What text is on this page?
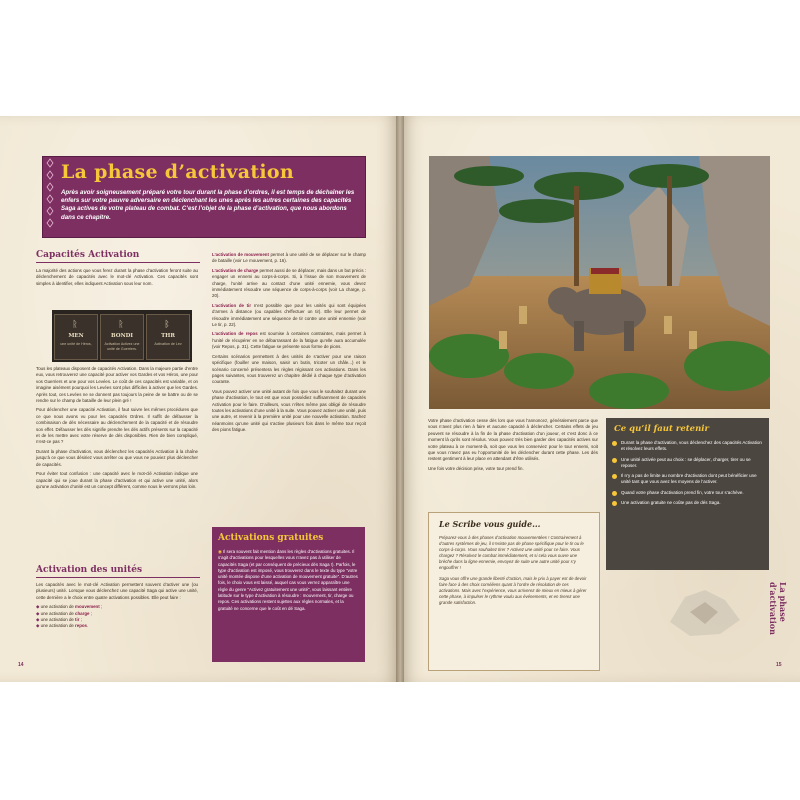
La phase d’activation
Après avoir soigneusement préparé votre tour durant la phase d’ordres, il est temps de déchaîner les enfers sur votre pauvre adversaire en déclenchant les unes après les autres certaines des capacités Saga actives de votre plateau de combat. C’est l’objet de la phase d’activation, que nous abordons dans ce chapitre.
Capacités Activation
La majorité des actions que vous ferez durant la phase d’activation feront suite au déclenchement de capacités avec le mot-clé Activation. Ces capacités sont simples à identifier, elles indiquent Activation sous leur nom.
ᚱ
MEN
une unité de Héros,
ᚱ
BONDI
Activation Activez une unité de Guerriers.
ᛒ
THR
Activation de Lev

Tous les plateaux disposent de capacités Activation. Dans la majeure partie d’entre eux, vous retrouverez une capacité pour activer vos Gardes et vos Héros, une pour vos Guerriers et une pour vos Levées. Le coût de ces capacités est variable, et on imagine aisément pourquoi les Levées sont plus difficiles à activer que les Gardes. Après tout, ces Levées ne se donnent pas toujours la peine de se battre ou de se rendre sur le champ de bataille de leur plein gré !

Pour déclencher une capacité Activation, il faut suivre les mêmes procédures que ce que nous avons vu pour les capacités Ordres. Il suffit de défausser la combinaison de dés nécessaire au déclenchement de la capacité et de résoudre son effet. Défausser les dés signifie prendre les dés actifs présents sur la capacité et de les mettre avec votre réserve de dés disponibles. Rien de bien compliqué, n’est-ce pas ?

Durant la phase d’activation, vous déclenchez les capacités Activation à la chaîne jusqu’à ce que vous désiriez vous arrêter ou que vous ne pouviez plus déclencher de capacités.

Pour éviter tout confusion : une capacité avec le mot-clé Activation indique une capacité qui se joue durant la phase d’activation et qui active une unité, alors qu’une activation d’unité est un concept différent, comme nous le verrons plus loin.

Activation des unités

Les capacités avec le mot-clé Activation permettent souvent d’activer une (ou plusieurs) unité. Lorsque vous déclenchez une capacité Saga qui active une unité, cette dernière a le choix entre quatre activations possibles. Elle peut faire :

◆ une activation de mouvement ;
◆ une activation de charge ;
◆ une activation de tir ;
◆ une activation de repos.

L’activation de mouvement permet à une unité de se déplacer sur le champ de bataille (voir Le mouvement, p. 16).

L’activation de charge permet aussi de se déplacer, mais dans un but précis : engager un ennemi au corps-à-corps. Si, à l’issue de son mouvement de charge, l’unité arrive au contact d’une unité ennemie, vous devez immédiatement résoudre une séquence de corps-à-corps (voir La charge, p. 20).

L’activation de tir n’est possible que pour les unités qui sont équipées d’armes à distance (ou capables d’effectuer un tir). Elle leur permet de résoudre immédiatement une séquence de tir contre une unité ennemie (voir Le tir, p. 22).

L’activation de repos est soumise à certaines contraintes, mais permet à l’unité de récupérer en se débarrassant de la fatigue qu’elle aura accumulée (voir Repos, p. 31). Cette fatigue se présente sous forme de pions.

Certains scénarios permettent à des unités de s’activer pour une raison spécifique (fouiller une maison, saisir un butin, tricoter un châle...) et le scénario concerné présentera les règles régissant ces activations. Dans les pages suivantes, vous trouverez un chapitre dédié à chaque type d’activation courante.

Vous pouvez activer une unité autant de fois que vous le souhaitez durant une phase d’activation, le tout est que vous possédiez suffisamment de capacités Activation pour le faire. D’ailleurs, vous n’êtes même pas obligé de résoudre toutes les activations d’une unité à la suite. Vous pouvez activer une unité, puis une autre, et revenir à la première unité pour une nouvelle activation. Sachez néanmoins qu’une unité qui s’active plusieurs fois dans le même tour reçoit des pions fatigue.

Activations gratuites
◉ Il sera souvent fait mention dans les règles d’activations gratuites. Il s’agit d’activations pour lesquelles vous n’avez pas à utiliser de capacités Saga (et par conséquent de précieux dés Saga !). Parfois, le type d’activation est imposé, vous trouverez dans le texte du type “votre unité montée dispose d’une activation de mouvement gratuite”. D’autres fois, le choix vous est laissé, auquel cas vous verrez apparaître une règle du genre “Activez gratuitement une unité”, vous laissant entière latitude sur le type d’activation à résoudre : mouvement, tir, charge ou repos. Ces activations restent sujettes aux règles normales, et la gratuité ne concerne que le coût en dé Saga.
14

Votre phase d’activation cesse dès lors que vous l’annoncez, généralement parce que vous n’avez plus rien à faire et aucune capacité à déclencher. Certains effets de jeu peuvent se résoudre à la fin de la phase d’activation d’un joueur, et c’est donc à ce moment là qu’ils sont résolus. Vous pouvez très bien garder des capacités actives sur votre plateau à ce moment-là, soit que vous les conserviez pour le tour ennemi, soit que vous n’avez pas eu l’opportunité de les déclencher durant cette phase. Les dés restent gentiment à leur place en attendant d’être utilisés.

Une fois votre décision prise, votre tour prend fin.

Le Scribe vous guide...

Préparez-vous à des phases d’activation mouvementées ! Contrairement à d’autres systèmes de jeu, il n’existe pas de phase spécifique pour le tir ou le corps-à-corps. Vous souhaitez tirer ? Activez une unité pour ce faire. Vous chargez ? Résolvez le combat immédiatement, et si cela vous ouvre une brèche dans la ligne ennemie, envoyez de suite une autre unité pour s’y engouffrer !

Saga vous offre une grande liberté d’action, mais le prix à payer est de devoir faire face à des choix cornéliens quant à l’ordre de résolution de ces activations. Mais avec l’expérience, vous arriverez de mieux en mieux à gérer cette phase, à impulser le rythme voulu aux événements, et en tirerez une grande satisfaction.

Ce qu’il faut retenir
Durant la phase d’activation, vous déclenchez des capacités Activation et résolvez leurs effets.
Une unité activée peut au choix : se déplacer, charger, tirer ou se reposer.
Il n’y a pas de limite au nombre d’activation dont peut bénéficier une unité tant que vous avez les moyens de l’activer.
Quand votre phase d’activation prend fin, votre tour s’achève.
Une activation gratuite ne coûte pas de dés Saga.
La phase d’activation
15
